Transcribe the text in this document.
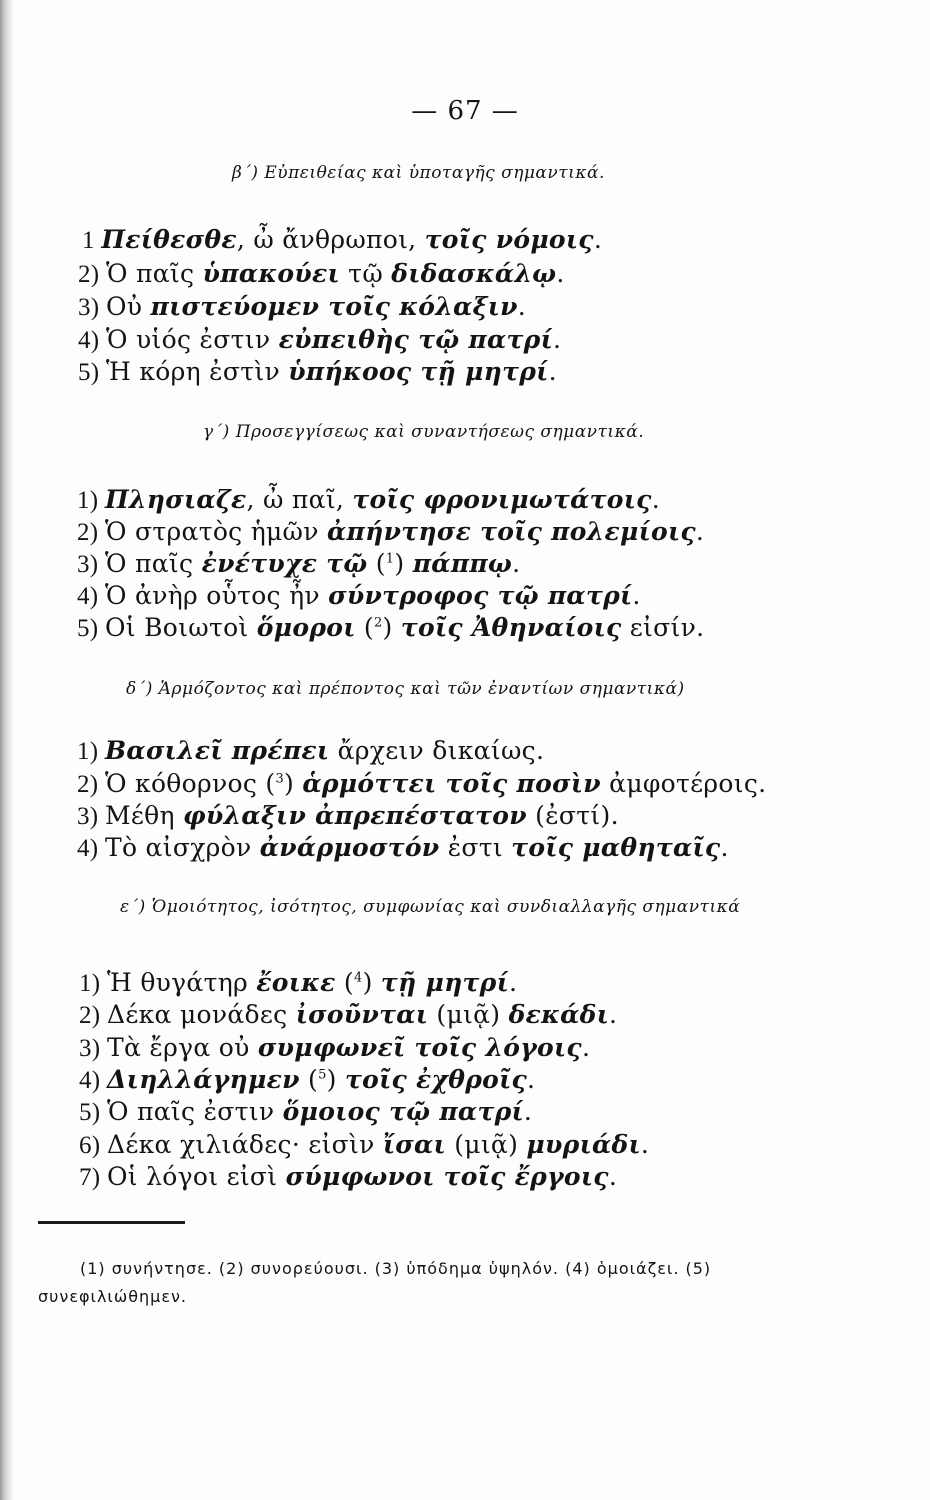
— 67 —
β΄) Εὐπειθείας καὶ ὑποταγῆς σημαντικά.
1 Πείθεσθε, ὦ ἄνθρωποι, τοῖς νόμοις.
2) Ὁ παῖς ὑπακούει τῷ διδασκάλῳ.
3) Οὐ πιστεύομεν τοῖς κόλαξιν.
4) Ὁ υἱός ἐστιν εὐπειθὴς τῷ πατρί.
5) Ἡ κόρη ἐστὶν ὑπήκοος τῇ μητρί.
γ΄) Προσεγγίσεως καὶ συναντήσεως σημαντικά.
1) Πλησιαζε, ὦ παῖ, τοῖς φρονιμωτάτοις.
2) Ὁ στρατὸς ἡμῶν ἀπήντησε τοῖς πολεμίοις.
3) Ὁ παῖς ἐνέτυχε τῷ ($^1$) πάππῳ.
4) Ὁ ἀνὴρ οὗτος ἦν σύντροφος τῷ πατρί.
5) Οἱ Βοιωτοὶ ὅμοροι ($^2$) τοῖς Ἀθηναίοις εἰσίν.
δ΄) Ἁρμόζοντος καὶ πρέποντος καὶ τῶν ἐναντίων σημαντικά)
1) Βασιλεῖ πρέπει ἄρχειν δικαίως.
2) Ὁ κόθορνος ($^3$) ἁρμόττει τοῖς ποσὶν ἀμφοτέροις.
3) Μέθη φύλαξιν ἀπρεπέστατον (ἐστί).
4) Τὸ αἰσχρὸν ἀνάρμοστόν ἐστι τοῖς μαθηταῖς.
ε΄) Ὁμοιότητος, ἰσότητος, συμφωνίας καὶ συνδιαλλαγῆς σημαντικά
1) Ἡ θυγάτηρ ἔοικε ($^4$) τῇ μητρί.
2) Δέκα μονάδες ἰσοῦνται (μιᾷ) δεκάδι.
3) Τὰ ἔργα οὐ συμφωνεῖ τοῖς λόγοις.
4) Διηλλάγημεν ($^5$) τοῖς ἐχθροῖς.
5) Ὁ παῖς ἐστιν ὅμοιος τῷ πατρί.
6) Δέκα χιλιάδες· εἰσὶν ἴσαι (μιᾷ) μυριάδι.
7) Οἱ λόγοι εἰσὶ σύμφωνοι τοῖς ἔργοις.
(1) συνήντησε. (2) συνορεύουσι. (3) ὑπόδημα ὑψηλόν. (4) ὁμοιάζει. (5)
συνεφιλιώθημεν.
